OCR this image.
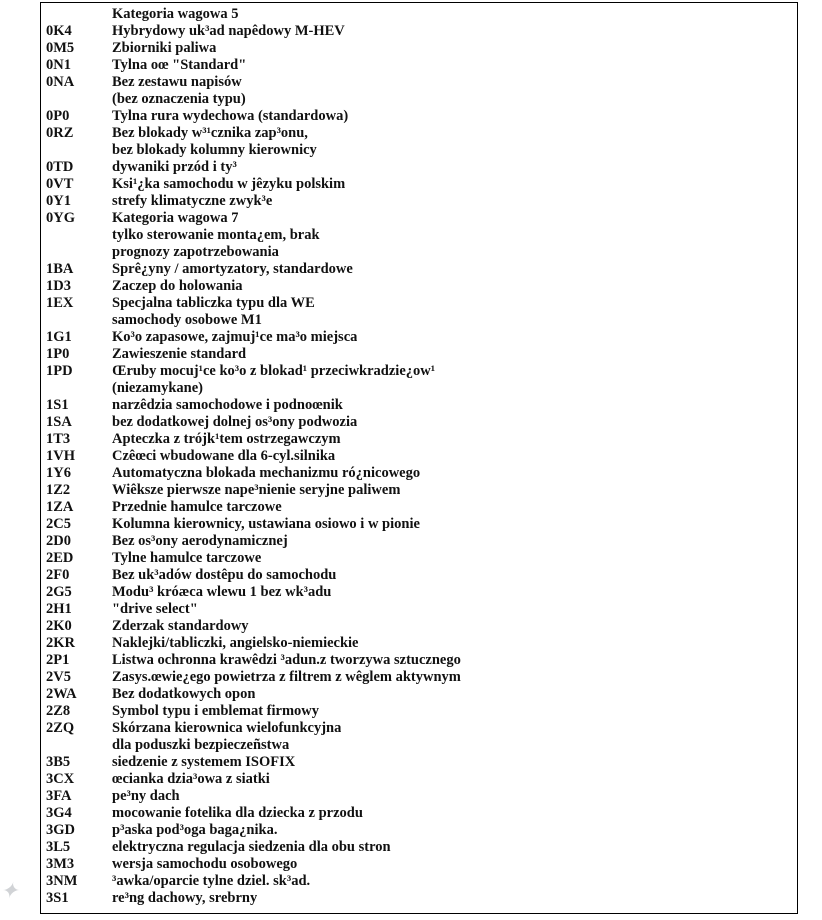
Kategoria wagowa 5
0K4	Hybrydowy uk³ad napêdowy M-HEV
0M5	Zbiorniki paliwa
0N1	Tylna oœ "Standard"
0NA	Bez zestawu napisów
(bez oznaczenia typu)
0P0	Tylna rura wydechowa (standardowa)
0RZ	Bez blokady w³¹cznika zap³onu,
bez blokady kolumny kierownicy
0TD	dywaniki przód i ty³
0VT	Ksi¹¿ka samochodu w jêzyku polskim
0Y1	strefy klimatyczne zwyk³e
0YG	Kategoria wagowa 7
tylko sterowanie monta¿em, brak
prognozy zapotrzebowania
1BA	Sprê¿yny / amortyzatory, standardowe
1D3	Zaczep do holowania
1EX	Specjalna tabliczka typu dla WE
samochody osobowe M1
1G1	Ko³o zapasowe, zajmuj¹ce ma³o miejsca
1P0	Zawieszenie standard
1PD	Œruby mocuj¹ce ko³o z blokad¹ przeciwkradzie¿ow¹
(niezamykane)
1S1	narzêdzia samochodowe i podnoœnik
1SA	bez dodatkowej dolnej os³ony podwozia
1T3	Apteczka z trójk¹tem ostrzegawczym
1VH	Czêœci wbudowane dla 6-cyl.silnika
1Y6	Automatyczna blokada mechanizmu ró¿nicowego
1Z2	Wiêksze pierwsze nape³nienie seryjne paliwem
1ZA	Przednie hamulce tarczowe
2C5	Kolumna kierownicy, ustawiana osiowo i w pionie
2D0	Bez os³ony aerodynamicznej
2ED	Tylne hamulce tarczowe
2F0	Bez uk³adów dostêpu do samochodu
2G5	Modu³ króæca wlewu 1 bez wk³adu
2H1	"drive select"
2K0	Zderzak standardowy
2KR	Naklejki/tabliczki, angielsko-niemieckie
2P1	Listwa ochronna krawêdzi ³adun.z tworzywa sztucznego
2V5	Zasys.œwie¿ego powietrza z filtrem z wêglem aktywnym
2WA	Bez dodatkowych opon
2Z8	Symbol typu i emblemat firmowy
2ZQ	Skórzana kierownica wielofunkcyjna
dla poduszki bezpieczeñstwa
3B5	siedzenie z systemem ISOFIX
3CX	œcianka dzia³owa z siatki
3FA	pe³ny dach
3G4	mocowanie fotelika dla dziecka z przodu
3GD	p³aska pod³oga baga¿nika.
3L5	elektryczna regulacja siedzenia dla obu stron
3M3	wersja samochodu osobowego
3NM	³awka/oparcie tylne dziel. sk³ad.
3S1	re³ng dachowy, srebrny
✦
